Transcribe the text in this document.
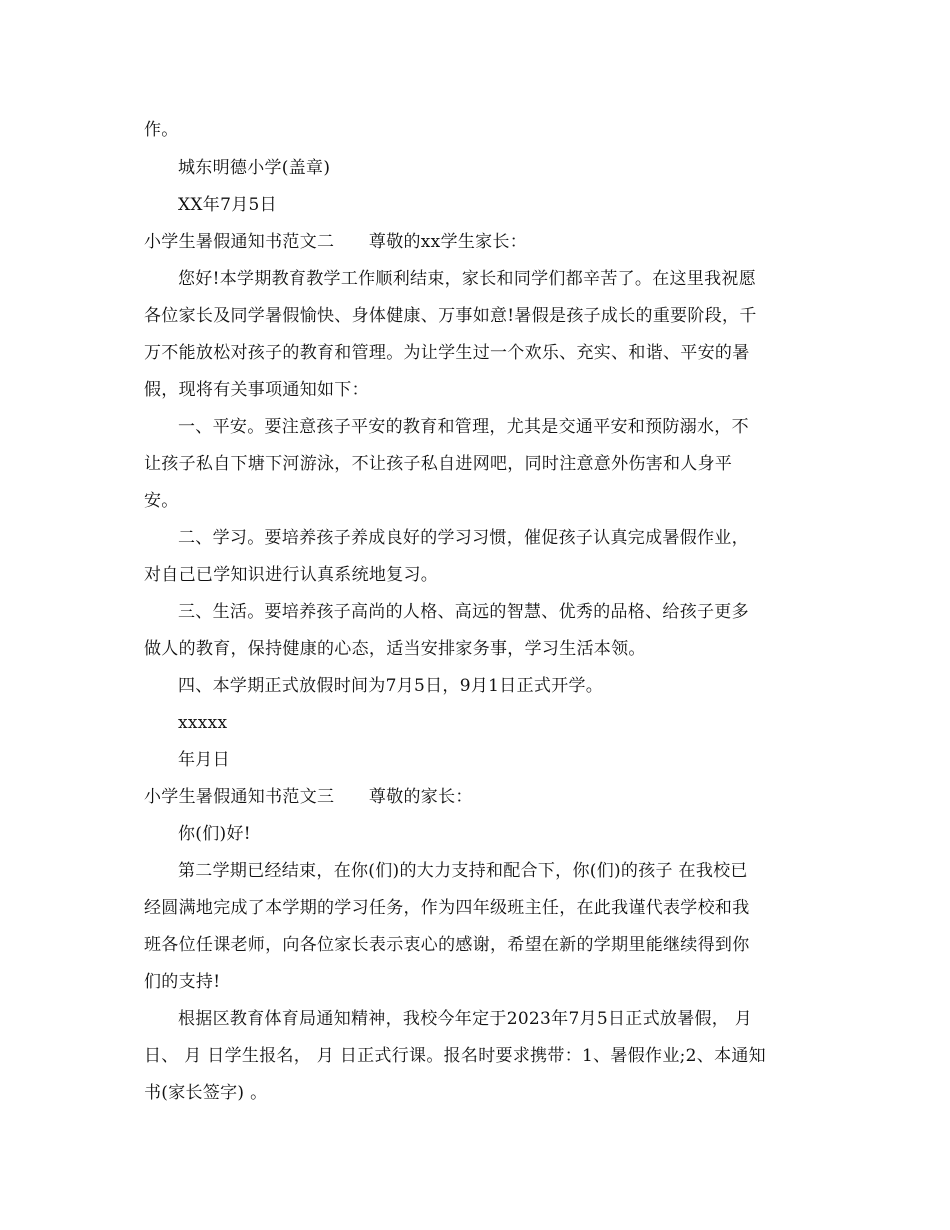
作。
城东明德小学(盖章)
XX年7月5日
小学生暑假通知书范文二　　尊敬的xx学生家长：
您好!本学期教育教学工作顺利结束，家长和同学们都辛苦了。在这里我祝愿
各位家长及同学暑假愉快、身体健康、万事如意!暑假是孩子成长的重要阶段，千
万不能放松对孩子的教育和管理。为让学生过一个欢乐、充实、和谐、平安的暑
假，现将有关事项通知如下：
一、平安。要注意孩子平安的教育和管理，尤其是交通平安和预防溺水，不
让孩子私自下塘下河游泳，不让孩子私自进网吧，同时注意意外伤害和人身平
安。
二、学习。要培养孩子养成良好的学习习惯，催促孩子认真完成暑假作业，
对自己已学知识进行认真系统地复习。
三、生活。要培养孩子高尚的人格、高远的智慧、优秀的品格、给孩子更多
做人的教育，保持健康的心态，适当安排家务事，学习生活本领。
四、本学期正式放假时间为7月5日，9月1日正式开学。
xxxxx
年月日
小学生暑假通知书范文三　　尊敬的家长：
你(们)好!
第二学期已经结束，在你(们)的大力支持和配合下，你(们)的孩子 在我校已
经圆满地完成了本学期的学习任务，作为四年级班主任，在此我谨代表学校和我
班各位任课老师，向各位家长表示衷心的感谢，希望在新的学期里能继续得到你
们的支持!
根据区教育体育局通知精神，我校今年定于2023年7月5日正式放暑假， 月
日、 月 日学生报名， 月 日正式行课。报名时要求携带：1、暑假作业;2、本通知
书(家长签字) 。
